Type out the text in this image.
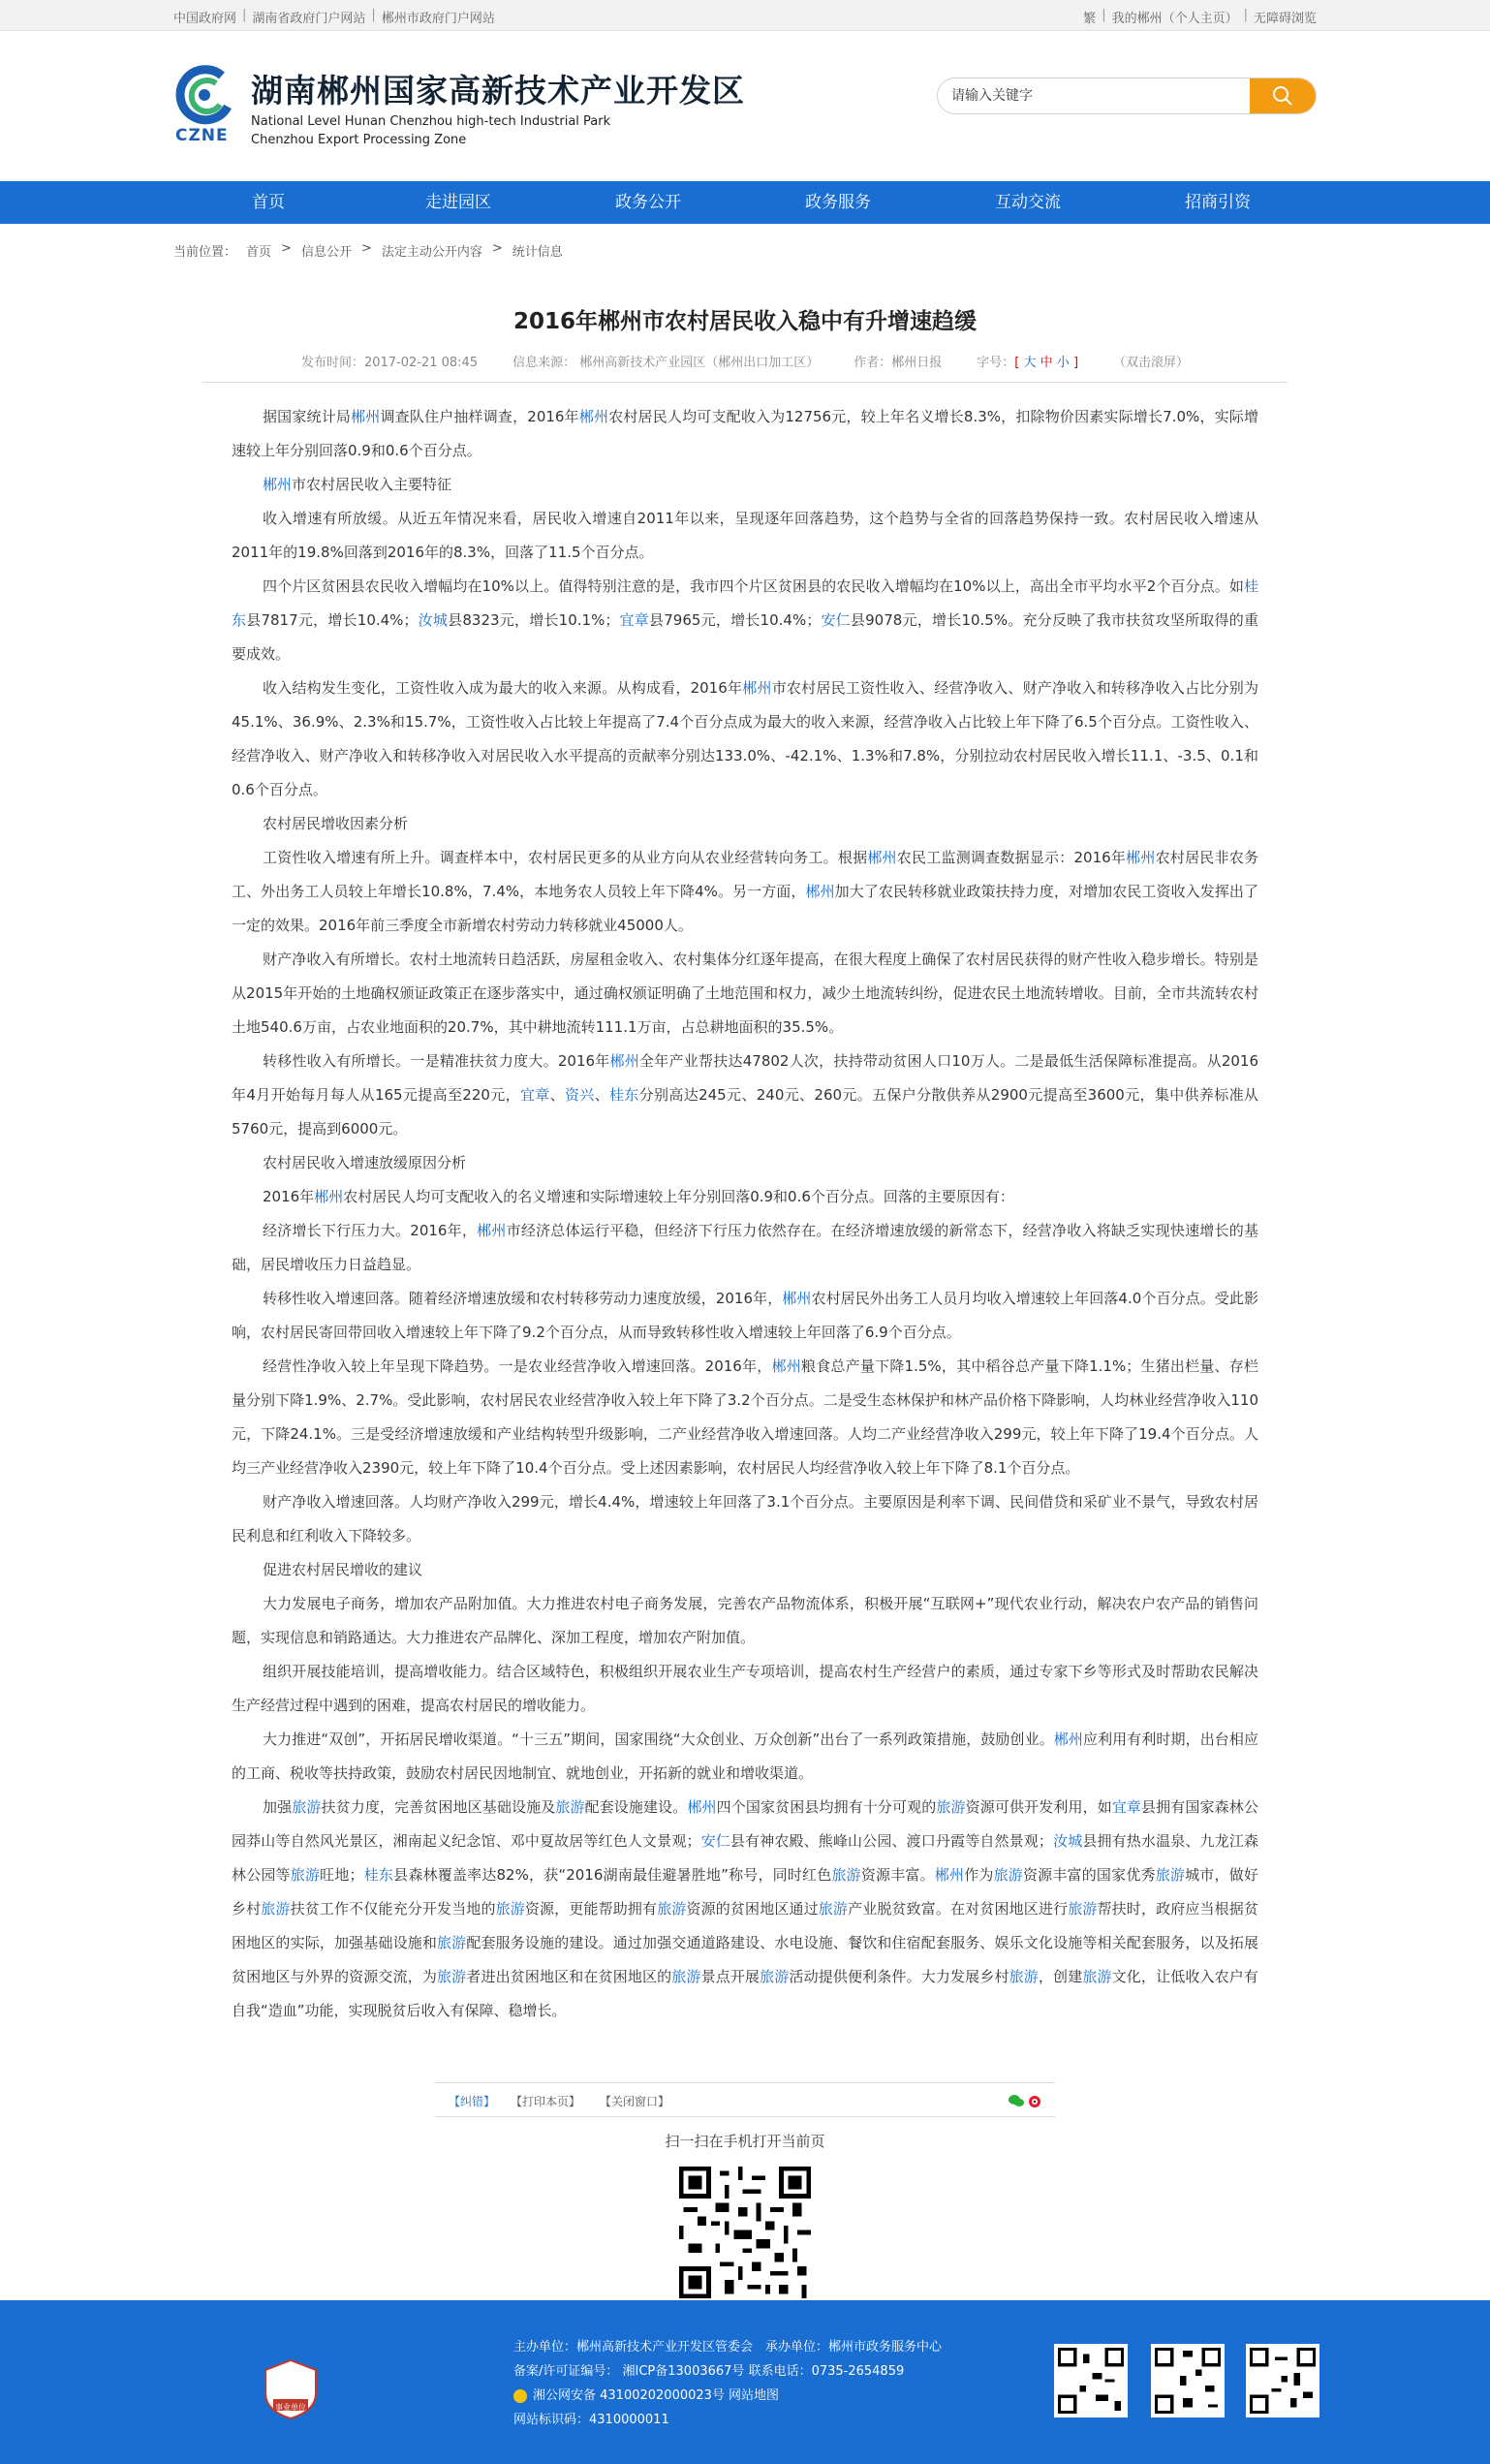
中国政府网 | 湖南省政府门户网站 | 郴州市政府门户网站	繁 | 我的郴州（个人主页） | 无障碍浏览
CZNE
湖南郴州国家高新技术产业开发区
National Level Hunan Chenzhou high-tech Industrial Park
Chenzhou Export Processing Zone
请输入关键字
首页	走进园区	政务公开	政务服务	互动交流	招商引资
当前位置： 首页 > 信息公开 > 法定主动公开内容 > 统计信息
2016年郴州市农村居民收入稳中有升增速趋缓
发布时间：2017-02-21 08:45	信息来源： 郴州高新技术产业园区（郴州出口加工区）	作者：郴州日报	字号：[ 大 中 小 ]	（双击滚屏）

据国家统计局郴州调查队住户抽样调查，2016年郴州农村居民人均可支配收入为12756元，较上年名义增长8.3%，扣除物价因素实际增长7.0%，实际增速较上年分别回落0.9和0.6个百分点。

郴州市农村居民收入主要特征

收入增速有所放缓。从近五年情况来看，居民收入增速自2011年以来，呈现逐年回落趋势，这个趋势与全省的回落趋势保持一致。农村居民收入增速从2011年的19.8%回落到2016年的8.3%，回落了11.5个百分点。

四个片区贫困县农民收入增幅均在10%以上。值得特别注意的是，我市四个片区贫困县的农民收入增幅均在10%以上，高出全市平均水平2个百分点。如桂东县7817元，增长10.4%；汝城县8323元，增长10.1%；宜章县7965元，增长10.4%；安仁县9078元，增长10.5%。充分反映了我市扶贫攻坚所取得的重要成效。

收入结构发生变化，工资性收入成为最大的收入来源。从构成看，2016年郴州市农村居民工资性收入、经营净收入、财产净收入和转移净收入占比分别为45.1%、36.9%、2.3%和15.7%，工资性收入占比较上年提高了7.4个百分点成为最大的收入来源，经营净收入占比较上年下降了6.5个百分点。工资性收入、经营净收入、财产净收入和转移净收入对居民收入水平提高的贡献率分别达133.0%、-42.1%、1.3%和7.8%，分别拉动农村居民收入增长11.1、-3.5、0.1和0.6个百分点。

农村居民增收因素分析

工资性收入增速有所上升。调查样本中，农村居民更多的从业方向从农业经营转向务工。根据郴州农民工监测调查数据显示：2016年郴州农村居民非农务工、外出务工人员较上年增长10.8%，7.4%，本地务农人员较上年下降4%。另一方面，郴州加大了农民转移就业政策扶持力度，对增加农民工资收入发挥出了一定的效果。2016年前三季度全市新增农村劳动力转移就业45000人。

财产净收入有所增长。农村土地流转日趋活跃，房屋租金收入、农村集体分红逐年提高，在很大程度上确保了农村居民获得的财产性收入稳步增长。特别是从2015年开始的土地确权颁证政策正在逐步落实中，通过确权颁证明确了土地范围和权力，减少土地流转纠纷，促进农民土地流转增收。目前，全市共流转农村土地540.6万亩，占农业地面积的20.7%，其中耕地流转111.1万亩，占总耕地面积的35.5%。

转移性收入有所增长。一是精准扶贫力度大。2016年郴州全年产业帮扶达47802人次，扶持带动贫困人口10万人。二是最低生活保障标准提高。从2016年4月开始每月每人从165元提高至220元，宜章、资兴、桂东分别高达245元、240元、260元。五保户分散供养从2900元提高至3600元，集中供养标准从5760元，提高到6000元。

农村居民收入增速放缓原因分析

2016年郴州农村居民人均可支配收入的名义增速和实际增速较上年分别回落0.9和0.6个百分点。回落的主要原因有：

经济增长下行压力大。2016年，郴州市经济总体运行平稳，但经济下行压力依然存在。在经济增速放缓的新常态下，经营净收入将缺乏实现快速增长的基础，居民增收压力日益趋显。

转移性收入增速回落。随着经济增速放缓和农村转移劳动力速度放缓，2016年，郴州农村居民外出务工人员月均收入增速较上年回落4.0个百分点。受此影响，农村居民寄回带回收入增速较上年下降了9.2个百分点，从而导致转移性收入增速较上年回落了6.9个百分点。

经营性净收入较上年呈现下降趋势。一是农业经营净收入增速回落。2016年，郴州粮食总产量下降1.5%，其中稻谷总产量下降1.1%；生猪出栏量、存栏量分别下降1.9%、2.7%。受此影响，农村居民农业经营净收入较上年下降了3.2个百分点。二是受生态林保护和林产品价格下降影响，人均林业经营净收入110元，下降24.1%。三是受经济增速放缓和产业结构转型升级影响，二产业经营净收入增速回落。人均二产业经营净收入299元，较上年下降了19.4个百分点。人均三产业经营净收入2390元，较上年下降了10.4个百分点。受上述因素影响，农村居民人均经营净收入较上年下降了8.1个百分点。

财产净收入增速回落。人均财产净收入299元，增长4.4%，增速较上年回落了3.1个百分点。主要原因是利率下调、民间借贷和采矿业不景气，导致农村居民利息和红利收入下降较多。

促进农村居民增收的建议

大力发展电子商务，增加农产品附加值。大力推进农村电子商务发展，完善农产品物流体系，积极开展“互联网+”现代农业行动，解决农户农产品的销售问题，实现信息和销路通达。大力推进农产品牌化、深加工程度，增加农产附加值。

组织开展技能培训，提高增收能力。结合区域特色，积极组织开展农业生产专项培训，提高农村生产经营户的素质，通过专家下乡等形式及时帮助农民解决生产经营过程中遇到的困难，提高农村居民的增收能力。

大力推进“双创”，开拓居民增收渠道。“十三五”期间，国家围绕“大众创业、万众创新”出台了一系列政策措施，鼓励创业。郴州应利用有利时期，出台相应的工商、税收等扶持政策，鼓励农村居民因地制宜、就地创业，开拓新的就业和增收渠道。

加强旅游扶贫力度，完善贫困地区基础设施及旅游配套设施建设。郴州四个国家贫困县均拥有十分可观的旅游资源可供开发利用，如宜章县拥有国家森林公园莽山等自然风光景区，湘南起义纪念馆、邓中夏故居等红色人文景观；安仁县有神农殿、熊峰山公园、渡口丹霞等自然景观；汝城县拥有热水温泉、九龙江森林公园等旅游旺地；桂东县森林覆盖率达82%，获“2016湖南最佳避暑胜地”称号，同时红色旅游资源丰富。郴州作为旅游资源丰富的国家优秀旅游城市，做好乡村旅游扶贫工作不仅能充分开发当地的旅游资源，更能帮助拥有旅游资源的贫困地区通过旅游产业脱贫致富。在对贫困地区进行旅游帮扶时，政府应当根据贫困地区的实际，加强基础设施和旅游配套服务设施的建设。通过加强交通道路建设、水电设施、餐饮和住宿配套服务、娱乐文化设施等相关配套服务，以及拓展贫困地区与外界的资源交流，为旅游者进出贫困地区和在贫困地区的旅游景点开展旅游活动提供便利条件。大力发展乡村旅游，创建旅游文化，让低收入农户有自我“造血”功能，实现脱贫后收入有保障、稳增长。

【纠错】 【打印本页】 【关闭窗口】
扫一扫在手机打开当前页
事业单位
主办单位：郴州高新技术产业开发区管委会　承办单位：郴州市政务服务中心
备案/许可证编号： 湘ICP备13003667号 联系电话：0735-2654859
湘公网安备 43100202000023号 网站地图
网站标识码：4310000011
